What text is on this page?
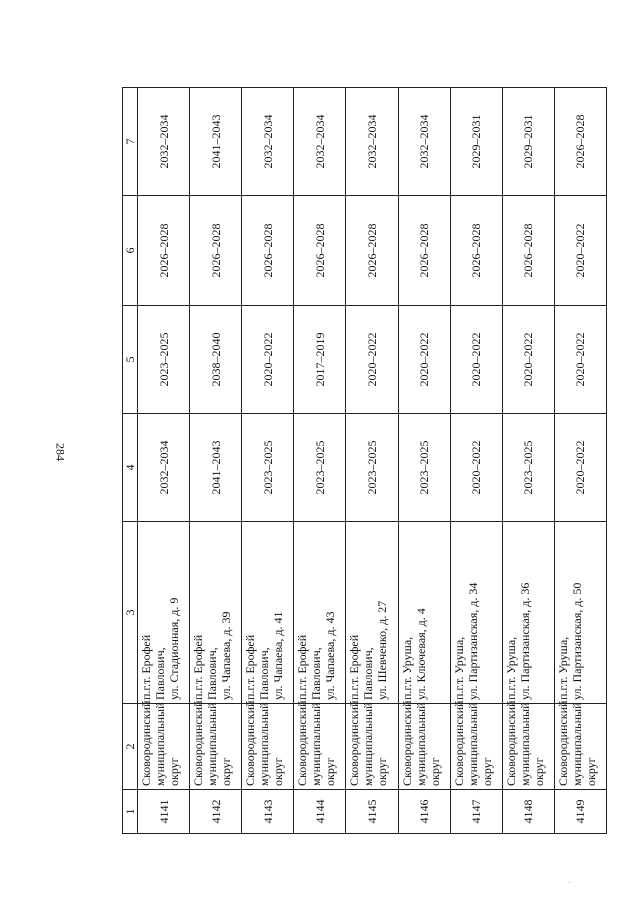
284
1	2	3	4	5	6	7
4141	Сковородинский муниципальный округ	п.г.т. Ерофей Павлович, ул. Стадионная, д. 9	2032–2034	2023–2025	2026–2028	2032–2034
4142	Сковородинский муниципальный округ	п.г.т. Ерофей Павлович, ул. Чапаева, д. 39	2041–2043	2038–2040	2026–2028	2041–2043
4143	Сковородинский муниципальный округ	п.г.т. Ерофей Павлович, ул. Чапаева, д. 41	2023–2025	2020–2022	2026–2028	2032–2034
4144	Сковородинский муниципальный округ	п.г.т. Ерофей Павлович, ул. Чапаева, д. 43	2023–2025	2017–2019	2026–2028	2032–2034
4145	Сковородинский муниципальный округ	п.г.т. Ерофей Павлович, ул. Шевченко, д. 27	2023–2025	2020–2022	2026–2028	2032–2034
4146	Сковородинский муниципальный округ	п.г.т. Уруша, ул. Ключевая, д. 4	2023–2025	2020–2022	2026–2028	2032–2034
4147	Сковородинский муниципальный округ	п.г.т. Уруша, ул. Партизанская, д. 34	2020–2022	2020–2022	2026–2028	2029–2031
4148	Сковородинский муниципальный округ	п.г.т. Уруша, ул. Партизанская, д. 36	2023–2025	2020–2022	2026–2028	2029–2031
4149	Сковородинский муниципальный округ	п.г.т. Уруша, ул. Партизанская, д. 50	2020–2022	2020–2022	2020–2022	2026–2028
·
